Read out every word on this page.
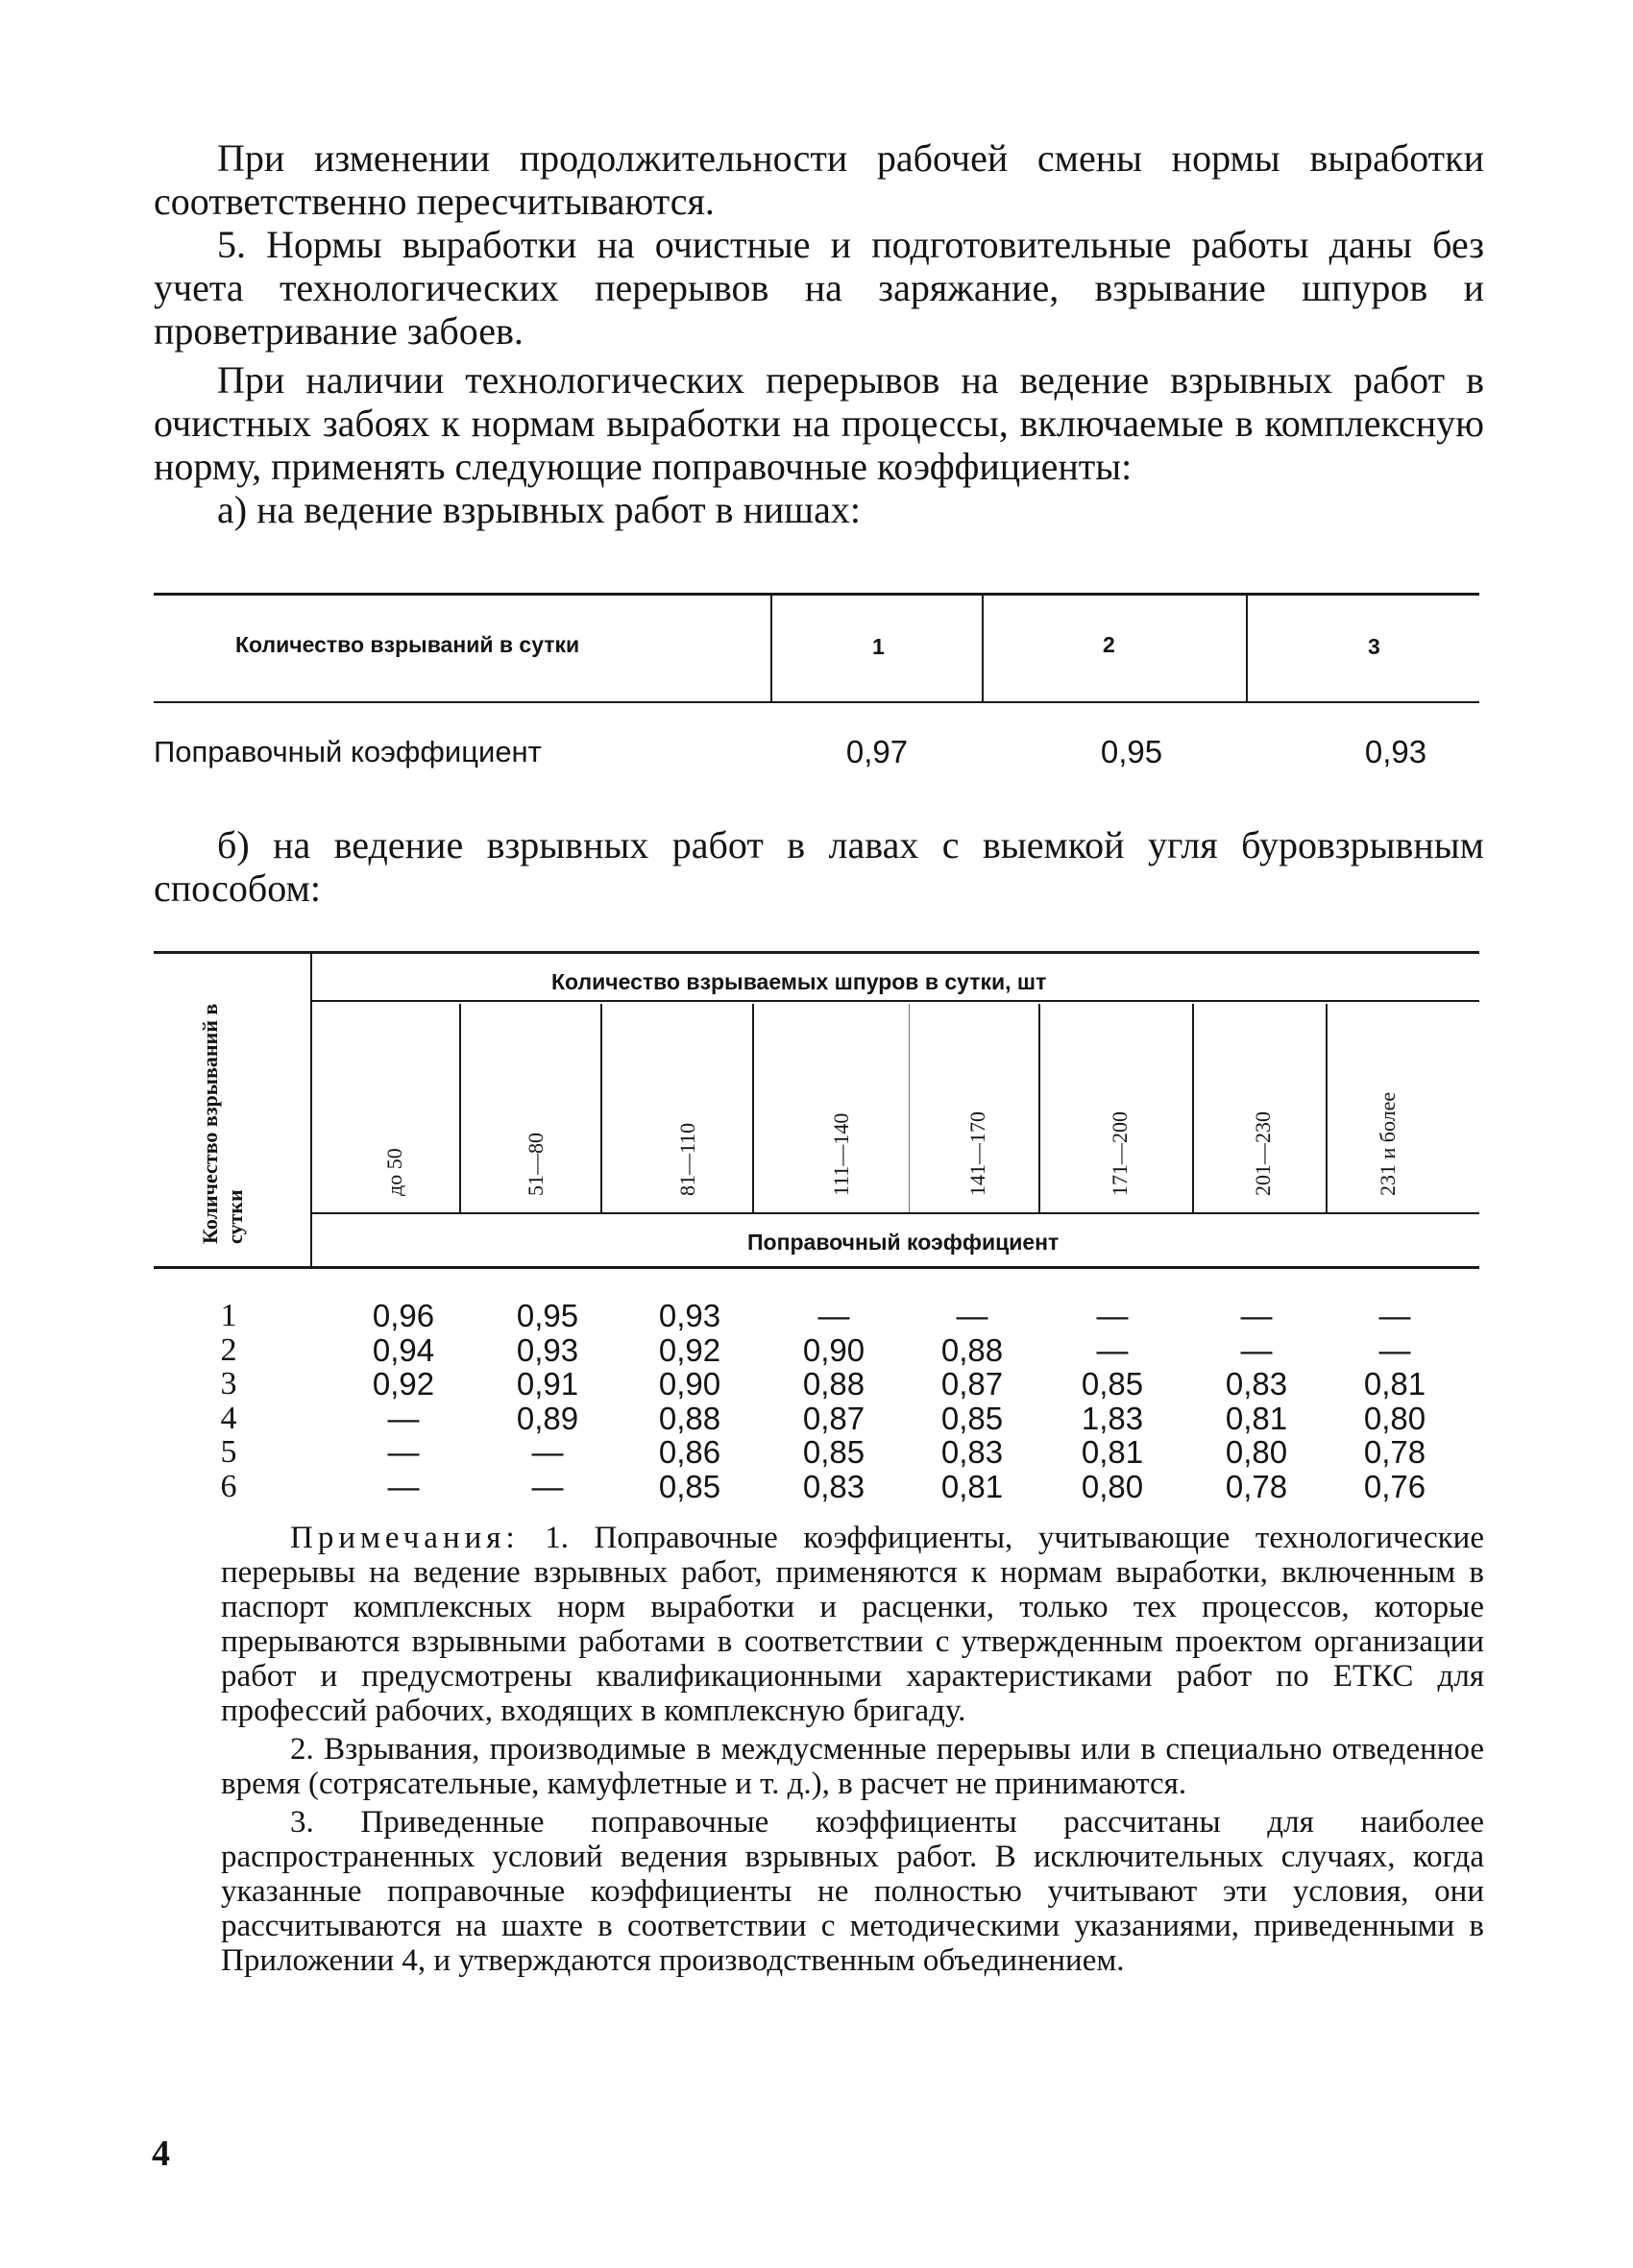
При изменении продолжительности рабочей смены нормы выработки соответственно пересчитываются.

5. Нормы выработки на очистные и подготовительные работы даны без учета технологических перерывов на заряжание, взрывание шпуров и проветривание забоев.

При наличии технологических перерывов на ведение взрывных работ в очистных забоях к нормам выработки на процессы, включаемые в комплексную норму, применять следующие поправочные коэффициенты:

а) на ведение взрывных работ в нишах:

Количество взрываний в сутки	1	2	3
Поправочный коэффициент	0,97	0,95	0,93
б) на ведение взрывных работ в лавах с выемкой угля буровзрывным способом:
Количество взрываний в сутки
Количество взрываемых шпуров в сутки, шт
Поправочный коэффициент
до 50	51—80	81—110	111—140	141—170	171—200	201—230	231 и более
1	0,96	0,95	0,93	—	—	—	—	—
2	0,94	0,93	0,92	0,90	0,88	—	—	—
3	0,92	0,91	0,90	0,88	0,87	0,85	0,83	0,81
4	—	0,89	0,88	0,87	0,85	1,83	0,81	0,80
5	—	—	0,86	0,85	0,83	0,81	0,80	0,78
6	—	—	0,85	0,83	0,81	0,80	0,78	0,76

Примечания: 1. Поправочные коэффициенты, учитывающие технологические перерывы на ведение взрывных работ, применяются к нормам выработки, включенным в паспорт комплексных норм выработки и расценки, только тех процессов, которые прерываются взрывными работами в соответствии с утвержденным проектом организации работ и предусмотрены квалификационными характеристиками работ по ЕТКС для профессий рабочих, входящих в комплексную бригаду.

2. Взрывания, производимые в междусменные перерывы или в специально отведенное время (сотрясательные, камуфлетные и т. д.), в расчет не принимаются.

3. Приведенные поправочные коэффициенты рассчитаны для наиболее распространенных условий ведения взрывных работ. В исключительных случаях, когда указанные поправочные коэффициенты не полностью учитывают эти условия, они рассчитываются на шахте в соответствии с методическими указаниями, приведенными в Приложении 4, и утверждаются производственным объединением.

4
